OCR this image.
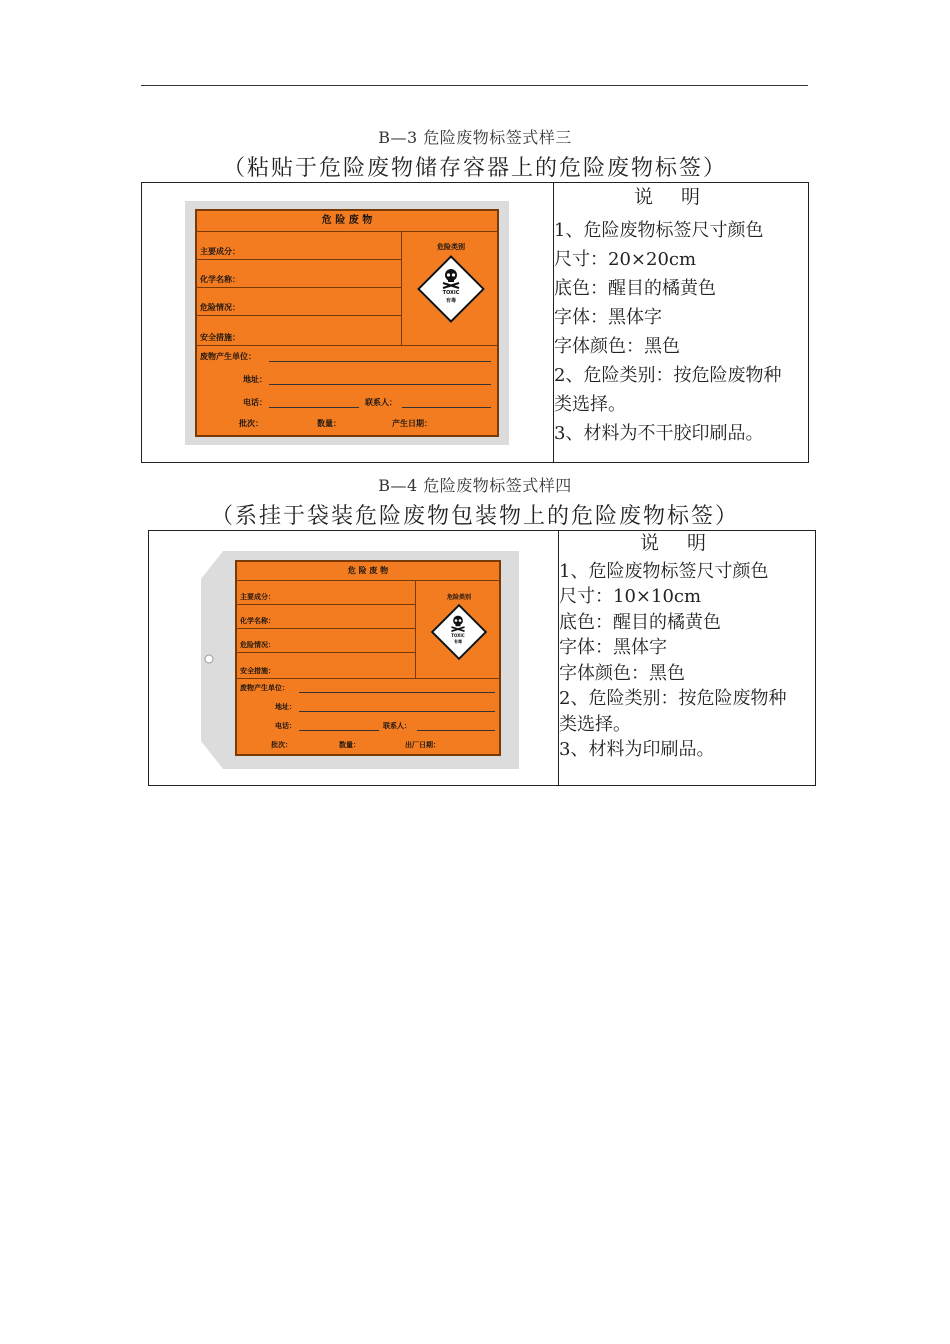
B—3 危险废物标签式样三
（粘贴于危险废物储存容器上的危险废物标签）
危 险 废 物
主要成分：
化学名称：
危险情况：
安全措施：
危险类别
TOXIC
有毒
废物产生单位：
地址：
电话：	联系人：
批次：	数量：	产生日期：

说明
1、危险废物标签尺寸颜色
尺寸：20×20cm
底色：醒目的橘黄色
字体：黑体字
字体颜色：黑色
2、危险类别：按危险废物种
类选择。
3、材料为不干胶印刷品。
B—4 危险废物标签式样四
（系挂于袋装危险废物包装物上的危险废物标签）
危 险 废 物
主要成分：
化学名称：
危险情况：
安全措施：
危险类别
TOXIC
有毒
废物产生单位：
地址：
电话：	联系人：
批次：	数量：	出厂日期：

说明
1、危险废物标签尺寸颜色
尺寸：10×10cm
底色：醒目的橘黄色
字体：黑体字
字体颜色：黑色
2、危险类别：按危险废物种
类选择。
3、材料为印刷品。
